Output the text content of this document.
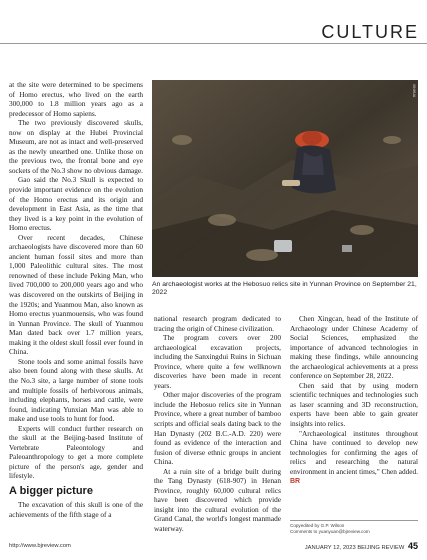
CULTURE

at the site were determined to be specimens of Homo erectus, who lived on the earth 300,000 to 1.8 million years ago as a predecessor of Homo sapiens.

The two previously discovered skulls, now on display at the Hubei Provincial Museum, are not as intact and well-preserved as the newly unearthed one. Unlike those on the previous two, the frontal bone and eye sockets of the No.3 show no obvious damage.

Gao said the No.3 Skull is expected to provide important evidence on the evolution of the Homo erectus and its origin and development in East Asia, as the time that they lived is a key point in the evolution of Homo erectus.

Over recent decades, Chinese archaeologists have discovered more than 60 ancient human fossil sites and more than 1,000 Paleolithic cultural sites. The most renowned of these include Peking Man, who lived 700,000 to 200,000 years ago and who was discovered on the outskirts of Beijing in the 1920s; and Yuanmou Man, also known as Homo erectus yuanmouensis, who was found in Yunnan Province. The skull of Yuanmou Man dated back over 1.7 million years, making it the oldest skull fossil ever found in China.

Stone tools and some animal fossils have also been found along with these skulls. At the No.3 site, a large number of stone tools and multiple fossils of herbivorous animals, including elephants, horses and cattle, were found, indicating Yunxian Man was able to make and use tools to hunt for food.

Experts will conduct further research on the skull at the Beijing-based Institute of Vertebrate Paleontology and Paleoanthropology to get a more complete picture of the person's age, gender and lifestyle.

A bigger picture

The excavation of this skull is one of the achievements of the fifth stage of a

XINHUA
An archaeologist works at the Hebosuo relics site in Yunnan Province on September 21, 2022

national research program dedicated to tracing the origin of Chinese civilization.

The program covers over 200 archaeological excavation projects, including the Sanxingdui Ruins in Sichuan Province, where quite a few wellknown discoveries have been made in recent years.

Other major discoveries of the program include the Hebosuo relics site in Yunnan Province, where a great number of bamboo scripts and official seals dating back to the Han Dynasty (202 B.C.-A.D. 220) were found as evidence of the interaction and fusion of diverse ethnic groups in ancient China.

At a ruin site of a bridge built during the Tang Dynasty (618-907) in Henan Province, roughly 60,000 cultural relics have been discovered which provide insight into the cultural evolution of the Grand Canal, the world's longest manmade waterway.

Chen Xingcan, head of the Institute of Archaeology under Chinese Academy of Social Sciences, emphasized the importance of advanced technologies in making these findings, while announcing the archaeological achievements at a press conference on September 28, 2022.

Chen said that by using modern scientific techniques and technologies such as laser scanning and 3D reconstruction, experts have been able to gain greater insights into relics.

"Archaeological institutes throughout China have continued to develop new technologies for confirming the ages of relics and researching the natural environment in ancient times," Chen added. BR

Copyedited by G.P. Wilson
Comments to yuanyuan@bjreview.com
http://www.bjreview.com	JANUARY 12, 2023 BEIJING REVIEW 45
